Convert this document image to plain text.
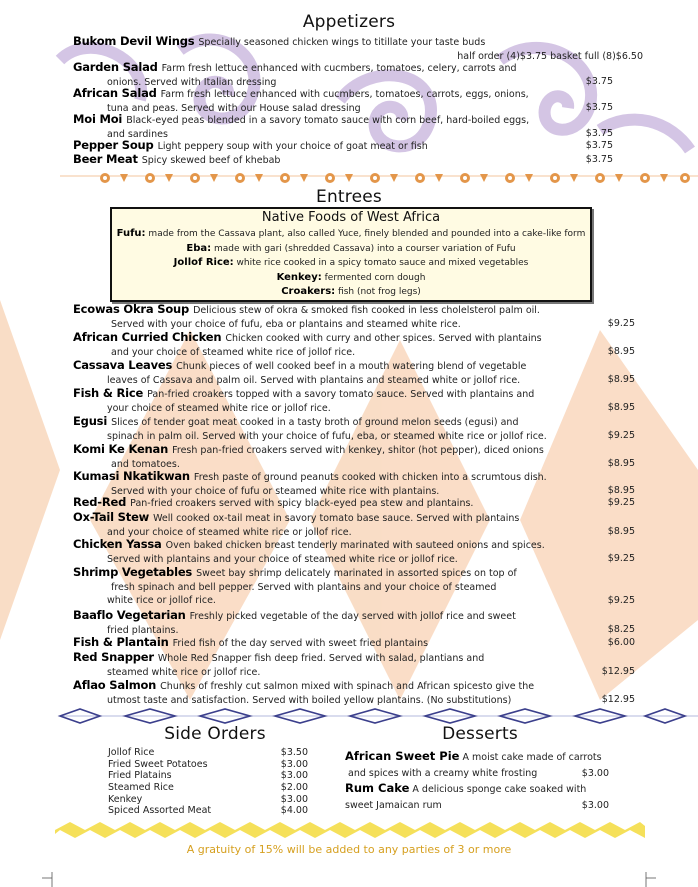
Appetizers
Bukom Devil Wings Specially seasoned chicken wings to titillate your taste buds
half order (4)$3.75 basket full (8)$6.50
Garden Salad Farm fresh lettuce enhanced with cucmbers, tomatoes, celery, carrots and
onions. Served with Italian dressing	$3.75
African Salad Farm fresh lettuce enhanced with cucmbers, tomatoes, carrots, eggs, onions,
tuna and peas. Served with our House salad dressing	$3.75
Moi Moi Black-eyed peas blended in a savory tomato sauce with corn beef, hard-boiled eggs,
and sardines	$3.75
Pepper Soup Light peppery soup with your choice of goat meat or fish	$3.75
Beer Meat Spicy skewed beef of khebab	$3.75
Entrees
Native Foods of West Africa
Fufu: made from the Cassava plant, also called Yuce, finely blended and pounded into a cake-like form
Eba: made with gari (shredded Cassava) into a courser variation of Fufu
Jollof Rice: white rice cooked in a spicy tomato sauce and mixed vegetables
Kenkey: fermented corn dough
Croakers: fish (not frog legs)
Ecowas Okra Soup Delicious stew of okra & smoked fish cooked in less cholelsterol palm oil.
Served with your choice of fufu, eba or plantains and steamed white rice.	$9.25
African Curried Chicken Chicken cooked with curry and other spices. Served with plantains
and your choice of steamed white rice of jollof rice.	$8.95
Cassava Leaves Chunk pieces of well cooked beef in a mouth watering blend of vegetable
leaves of Cassava and palm oil. Served with plantains and steamed white or jollof rice.	$8.95
Fish & Rice Pan-fried croakers topped with a savory tomato sauce. Served with plantains and
your choice of steamed white rice or jollof rice.	$8.95
Egusi Slices of tender goat meat cooked in a tasty broth of ground melon seeds (egusi) and
spinach in palm oil. Served with your choice of fufu, eba, or steamed white rice or jollof rice.	$9.25
Komi Ke Kenan Fresh pan-fried croakers served with kenkey, shitor (hot pepper), diced onions
and tomatoes.	$8.95
Kumasi Nkatikwan Fresh paste of ground peanuts cooked with chicken into a scrumtous dish.
Served with your choice of fufu or steamed white rice with plantains.	$8.95
Red-Red Pan-fried croakers served with spicy black-eyed pea stew and plantains.	$9.25
Ox-Tail Stew Well cooked ox-tail meat in savory tomato base sauce. Served with plantains
and your choice of steamed white rice or jollof rice.	$8.95
Chicken Yassa Oven baked chicken breast tenderly marinated with sauteed onions and spices.
Served with plantains and your choice of steamed white rice or jollof rice.	$9.25
Shrimp Vegetables Sweet bay shrimp delicately marinated in assorted spices on top of
fresh spinach and bell pepper. Served with plantains and your choice of steamed
white rice or jollof rice.	$9.25
Baaflo Vegetarian Freshly picked vegetable of the day served with jollof rice and sweet
fried plantains.	$8.25
Fish & Plantain Fried fish of the day served with sweet fried plantains	$6.00
Red Snapper Whole Red Snapper fish deep fried. Served with salad, plantians and
steamed white rice or jollof rice.	$12.95
Aflao Salmon Chunks of freshly cut salmon mixed with spinach and African spicesto give the
utmost taste and satisfaction. Served with boiled yellow plantains. (No substitutions)	$12.95
Side Orders
Jollof Rice	$3.50
Fried Sweet Potatoes	$3.00
Fried Platains	$3.00
Steamed Rice	$2.00
Kenkey	$3.00
Spiced Assorted Meat	$4.00
Desserts
African Sweet Pie A moist cake made of carrots
and spices with a creamy white frosting	$3.00
Rum Cake A delicious sponge cake soaked with
sweet Jamaican rum	$3.00
A gratuity of 15% will be added to any parties of 3 or more
